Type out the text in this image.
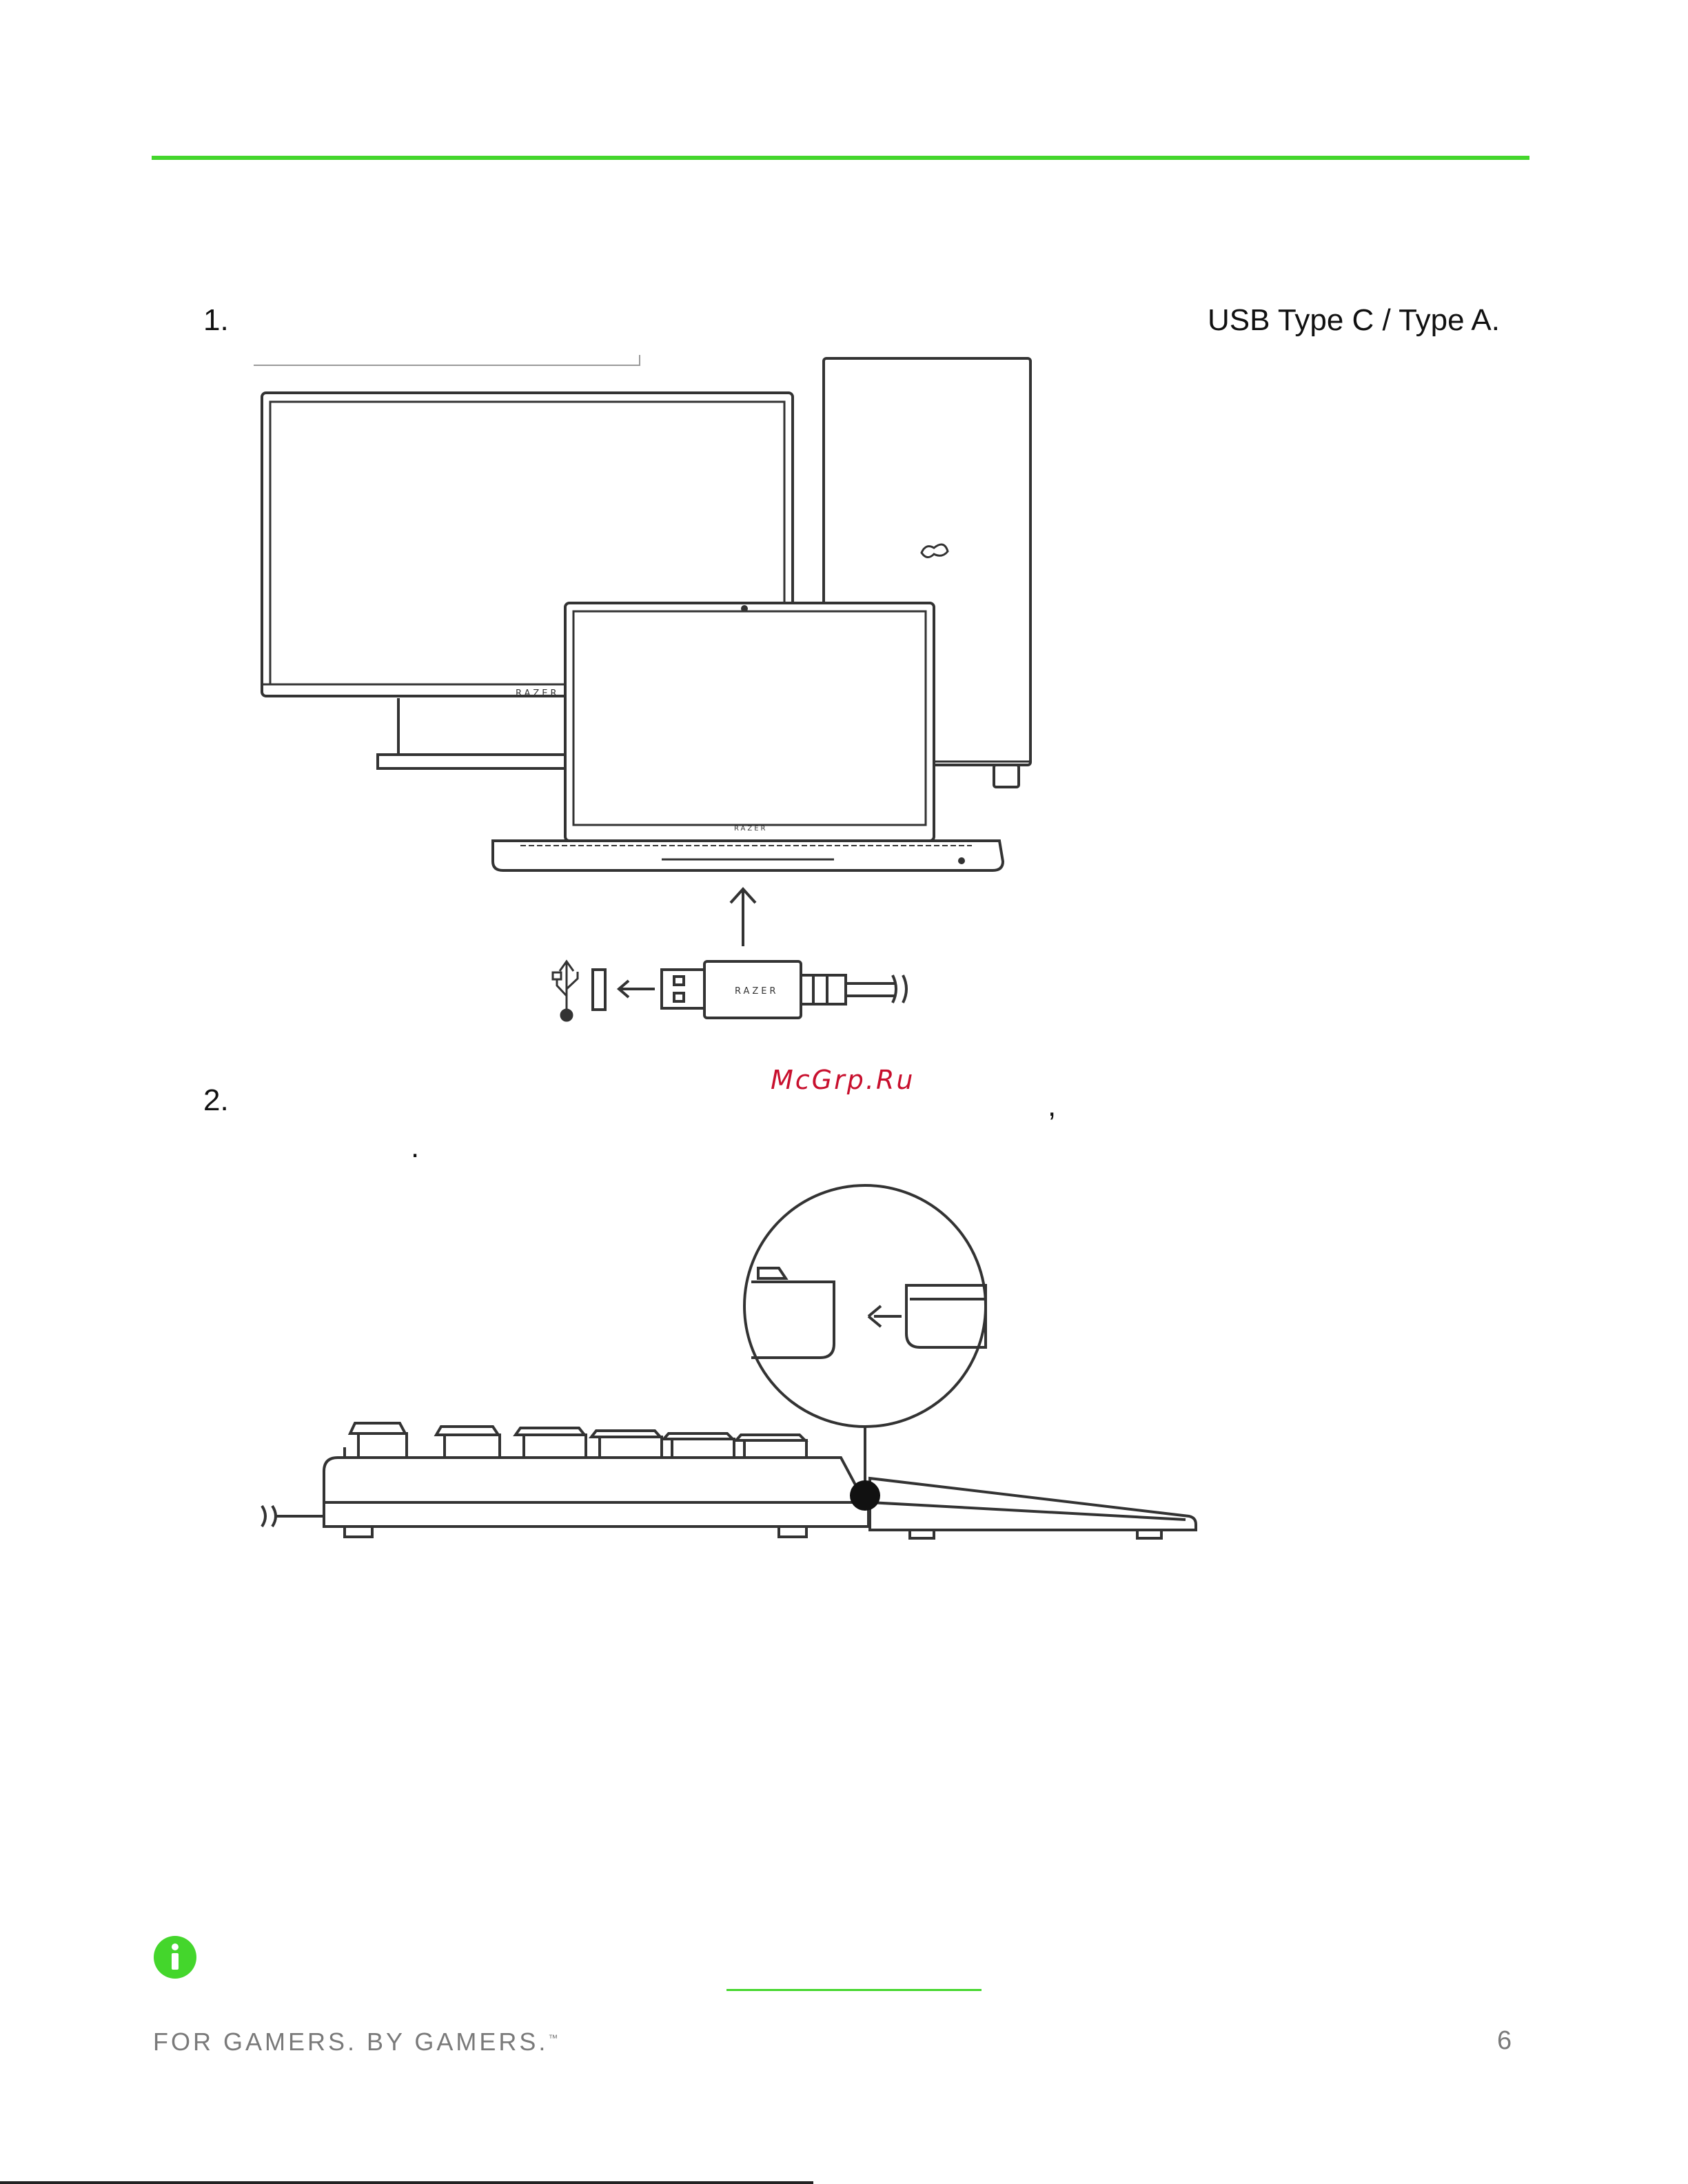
1.	USB Type C / Type A.
RAZER
RAZER
RAZER
2.
McGrp.Ru
,
.
FOR GAMERS. BY GAMERS.™	6
